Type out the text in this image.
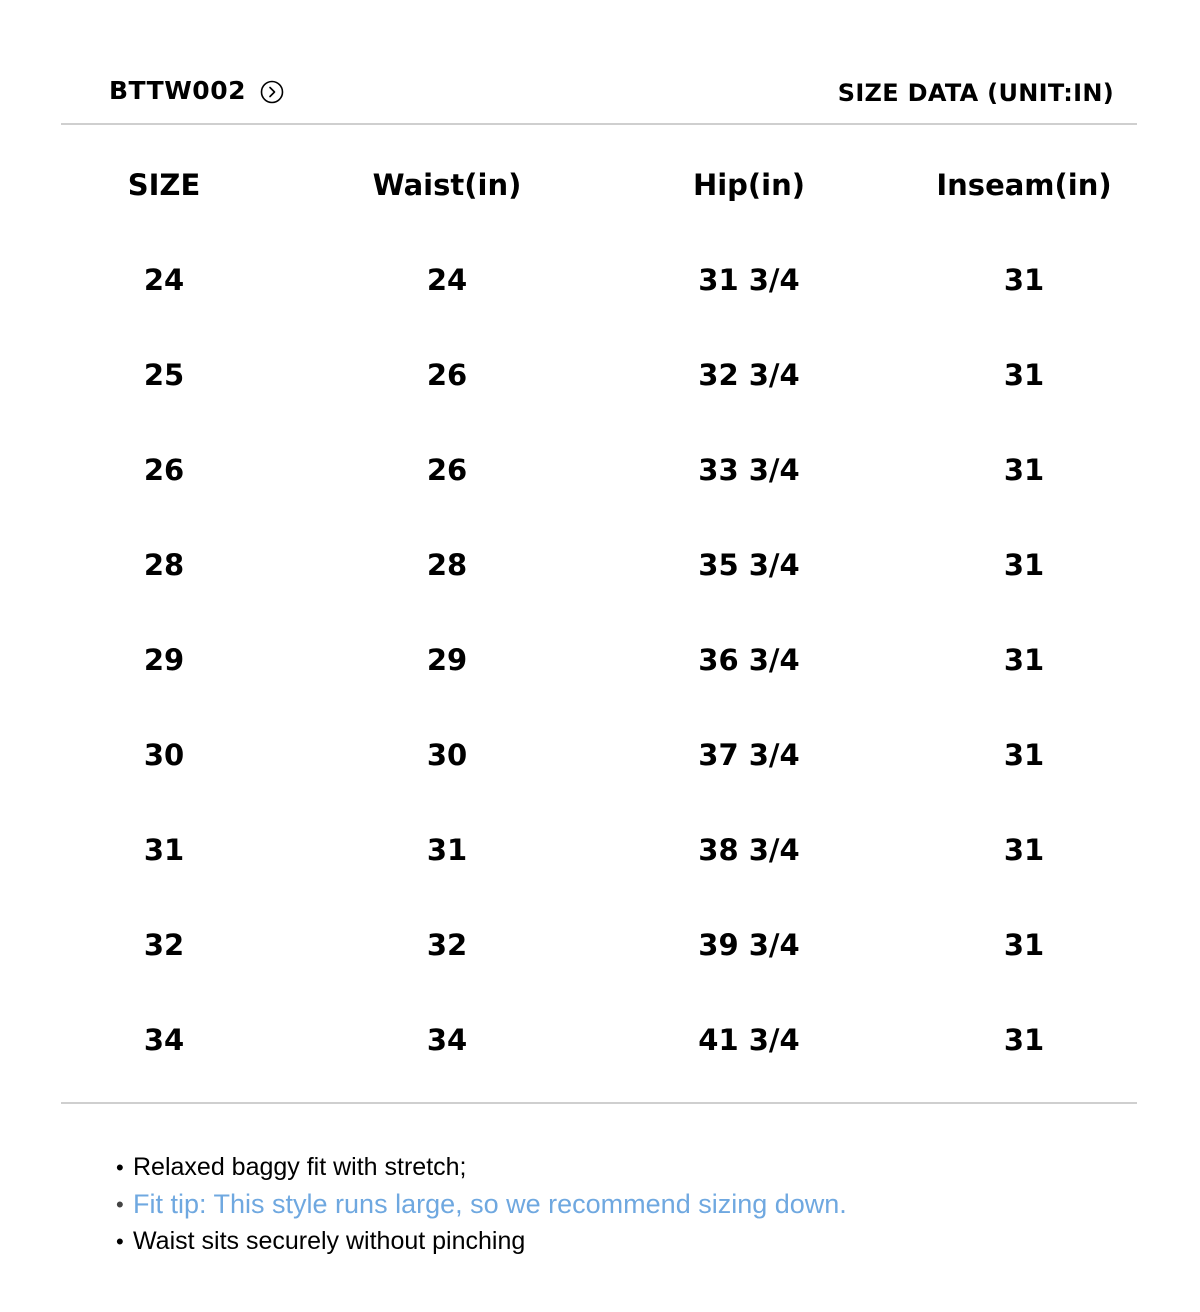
BTTW002	SIZE DATA (UNIT:IN)
SIZE	Waist(in)	Hip(in)	Inseam(in)
24	24	31 3/4	31
25	26	32 3/4	31
26	26	33 3/4	31
28	28	35 3/4	31
29	29	36 3/4	31
30	30	37 3/4	31
31	31	38 3/4	31
32	32	39 3/4	31
34	34	41 3/4	31
• Relaxed baggy fit with stretch;
• Fit tip: This style runs large, so we recommend sizing down.
• Waist sits securely without pinching
